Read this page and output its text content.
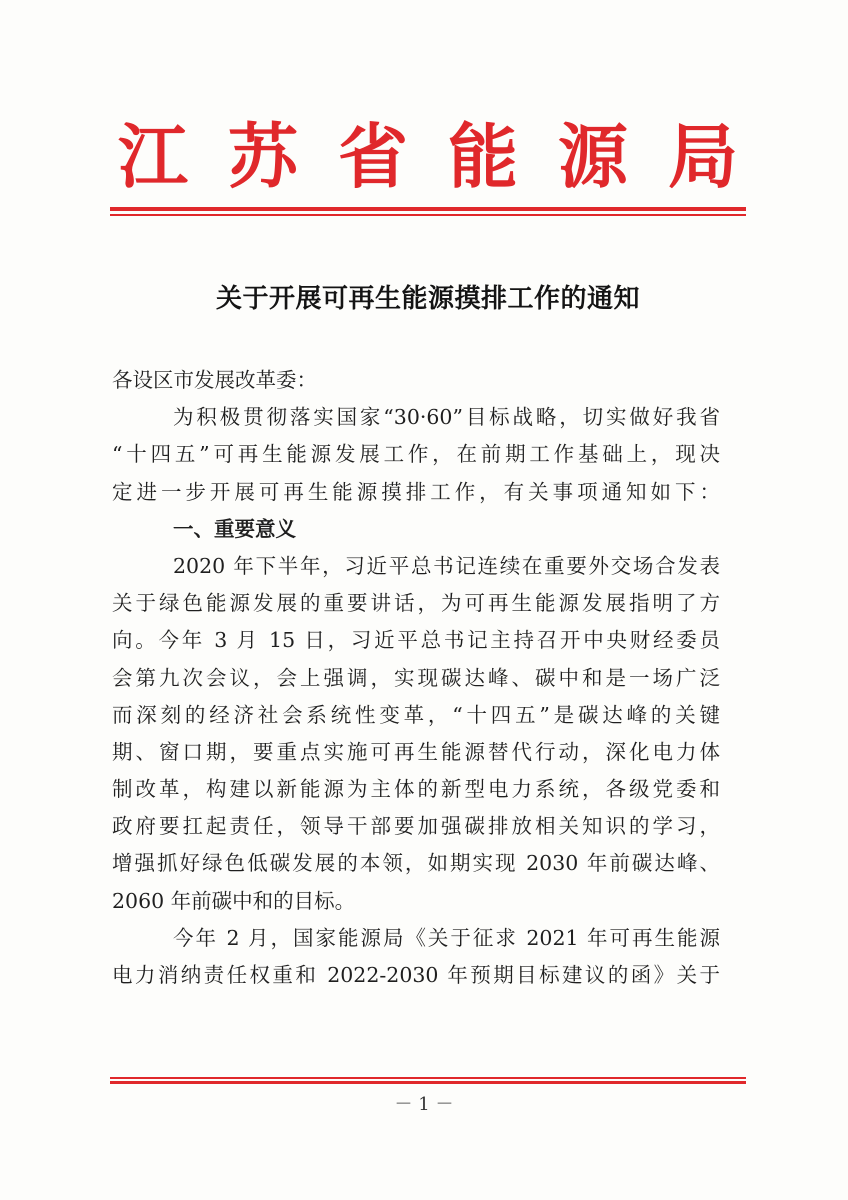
江 苏 省 能 源 局
关于开展可再生能源摸排工作的通知
各设区市发展改革委：
为积极贯彻落实国家“30·60”目标战略，切实做好我省
“十四五”可再生能源发展工作，在前期工作基础上，现决
定进一步开展可再生能源摸排工作，有关事项通知如下：
一、重要意义
2020 年下半年，习近平总书记连续在重要外交场合发表
关于绿色能源发展的重要讲话，为可再生能源发展指明了方
向。今年 3 月 15 日，习近平总书记主持召开中央财经委员
会第九次会议，会上强调，实现碳达峰、碳中和是一场广泛
而深刻的经济社会系统性变革，“十四五”是碳达峰的关键
期、窗口期，要重点实施可再生能源替代行动，深化电力体
制改革，构建以新能源为主体的新型电力系统，各级党委和
政府要扛起责任，领导干部要加强碳排放相关知识的学习，
增强抓好绿色低碳发展的本领，如期实现 2030 年前碳达峰、
2060 年前碳中和的目标。
今年 2 月，国家能源局《关于征求 2021 年可再生能源
电力消纳责任权重和 2022-2030 年预期目标建议的函》关于
－ 1 －
